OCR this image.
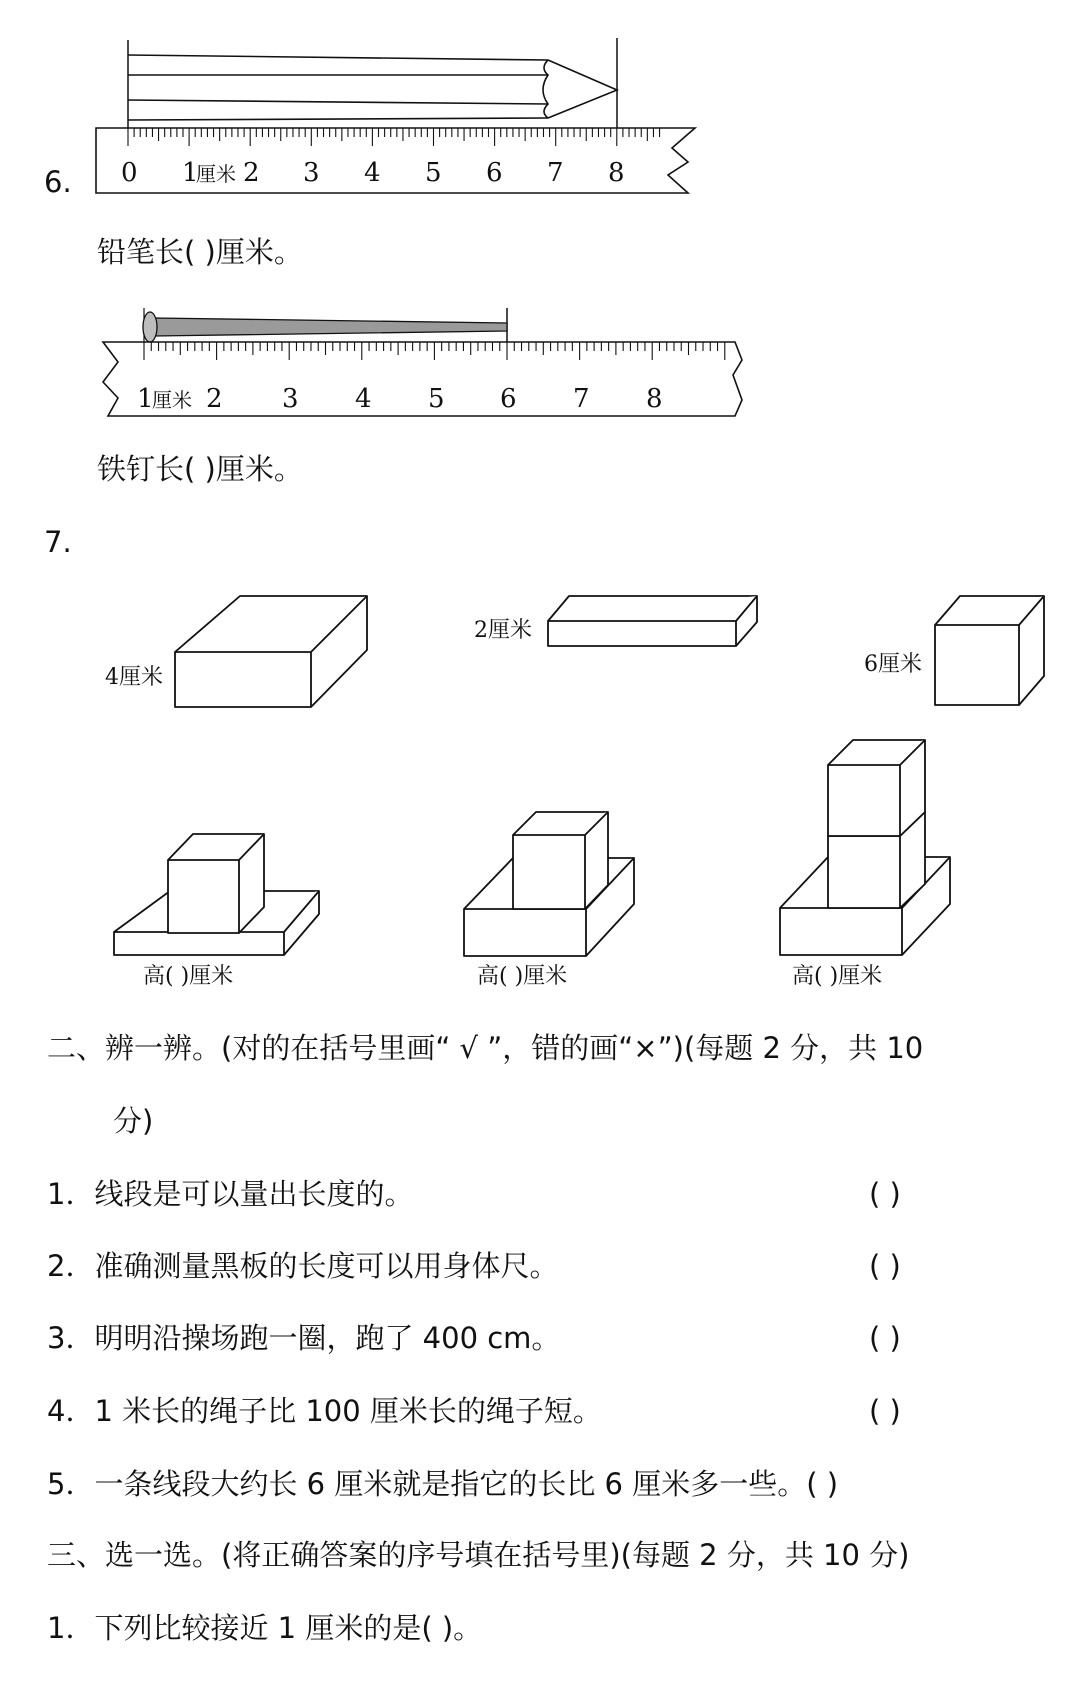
6. 0 1
厘米 2 3 4 5 6 7 8
铅笔长( )厘米。
1
厘米 2 3 4 5 6 7 8
铁钉长( )厘米。
7.
4厘米
2厘米
6厘米
高( )厘米	高( )厘米	高( )厘米
二、辨一辨。(对的在括号里画“ √ ”，错的画“×”)(每题 2 分，共 10
分)
1．线段是可以量出长度的。	( )
2．准确测量黑板的长度可以用身体尺。	( )
3．明明沿操场跑一圈，跑了 400 cm。	( )
4．1 米长的绳子比 100 厘米长的绳子短。	( )
5．一条线段大约长 6 厘米就是指它的长比 6 厘米多一些。( )
三、选一选。(将正确答案的序号填在括号里)(每题 2 分，共 10 分)
1．下列比较接近 1 厘米的是( )。
